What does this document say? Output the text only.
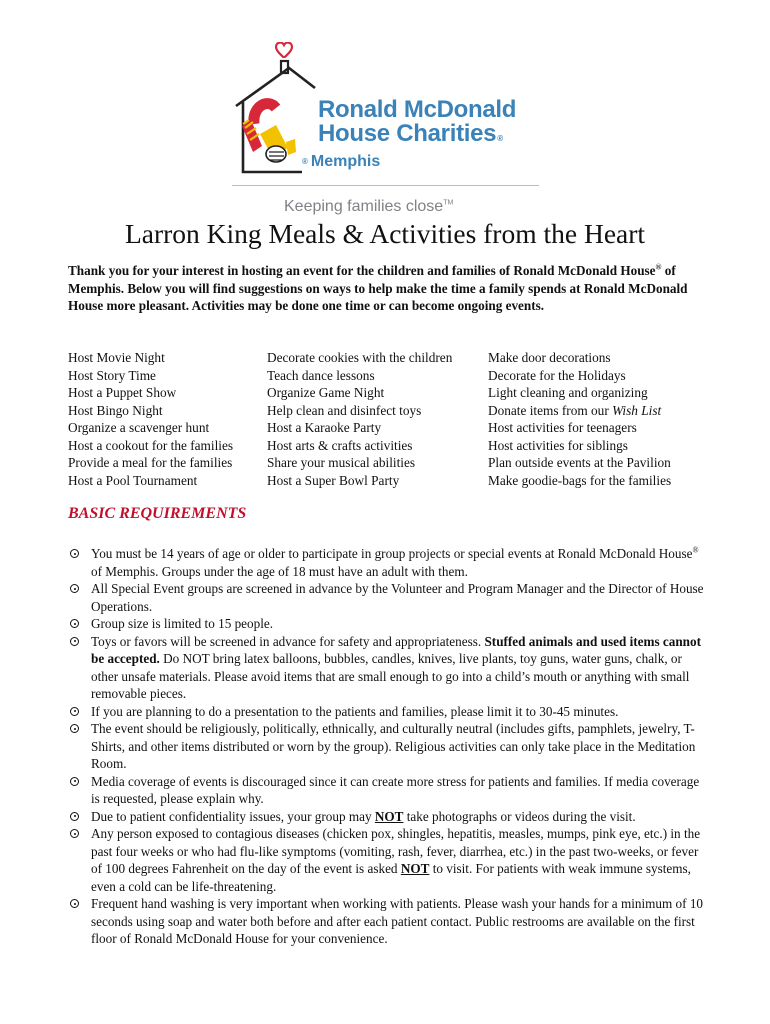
Ronald McDonald
House Charities®
® Memphis
Keeping families close™
Larron King Meals & Activities from the Heart

Thank you for your interest in hosting an event for the children and families of Ronald McDonald House® of Memphis. Below you will find suggestions on ways to help make the time a family spends at Ronald McDonald House more pleasant. Activities may be done one time or can become ongoing events.

Host Movie Night
Host Story Time
Host a Puppet Show
Host Bingo Night
Organize a scavenger hunt
Host a cookout for the families
Provide a meal for the families
Host a Pool Tournament
Decorate cookies with the children
Teach dance lessons
Organize Game Night
Help clean and disinfect toys
Host a Karaoke Party
Host arts & crafts activities
Share your musical abilities
Host a Super Bowl Party
Make door decorations
Decorate for the Holidays
Light cleaning and organizing
Donate items from our Wish List
Host activities for teenagers
Host activities for siblings
Plan outside events at the Pavilion
Make goodie-bags for the families
BASIC REQUIREMENTS
You must be 14 years of age or older to participate in group projects or special events at Ronald McDonald House® of Memphis. Groups under the age of 18 must have an adult with them.
All Special Event groups are screened in advance by the Volunteer and Program Manager and the Director of House Operations.
Group size is limited to 15 people.
Toys or favors will be screened in advance for safety and appropriateness. Stuffed animals and used items cannot be accepted. Do NOT bring latex balloons, bubbles, candles, knives, live plants, toy guns, water guns, chalk, or other unsafe materials. Please avoid items that are small enough to go into a child’s mouth or anything with small removable pieces.
If you are planning to do a presentation to the patients and families, please limit it to 30-45 minutes.
The event should be religiously, politically, ethnically, and culturally neutral (includes gifts, pamphlets, jewelry, T-Shirts, and other items distributed or worn by the group). Religious activities can only take place in the Meditation Room.
Media coverage of events is discouraged since it can create more stress for patients and families. If media coverage is requested, please explain why.
Due to patient confidentiality issues, your group may NOT take photographs or videos during the visit.
Any person exposed to contagious diseases (chicken pox, shingles, hepatitis, measles, mumps, pink eye, etc.) in the past four weeks or who had flu-like symptoms (vomiting, rash, fever, diarrhea, etc.) in the past two-weeks, or fever of 100 degrees Fahrenheit on the day of the event is asked NOT to visit. For patients with weak immune systems, even a cold can be life-threatening.
Frequent hand washing is very important when working with patients. Please wash your hands for a minimum of 10 seconds using soap and water both before and after each patient contact. Public restrooms are available on the first floor of Ronald McDonald House for your convenience.
